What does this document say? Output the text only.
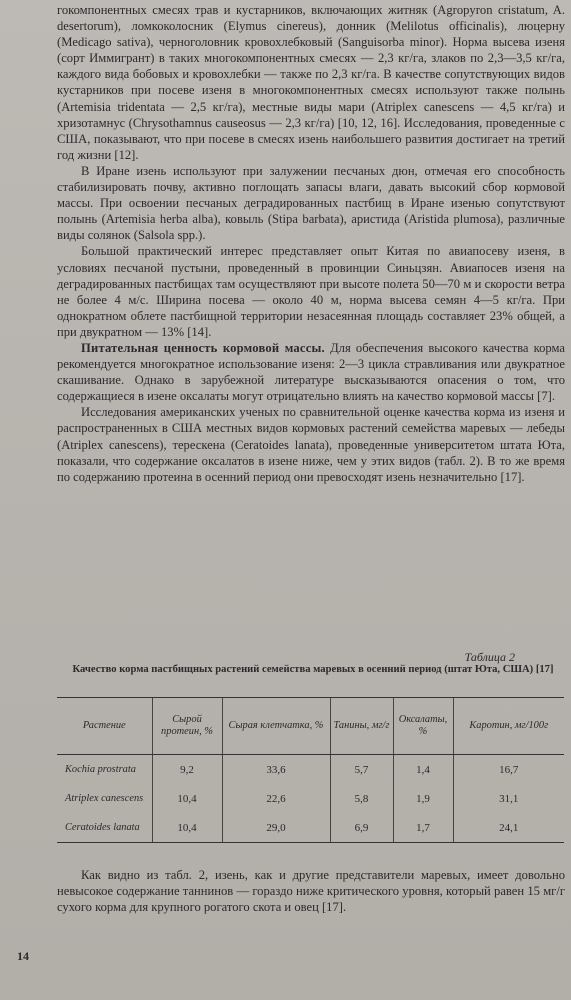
гокомпонентных смесях трав и кустарников, включающих житняк (Agropyron cristatum, A. desertorum), ломкоколосник (Elymus cinereus), донник (Melilotus officinalis), люцерну (Medicago sativa), черноголовник кровохлебковый (Sanguisorba minor). Норма высева изеня (сорт Иммигрант) в таких многокомпонентных смесях — 2,3 кг/га, злаков по 2,3—3,5 кг/га, каждого вида бобовых и кровохлебки — также по 2,3 кг/га. В качестве сопутствующих видов кустарников при посеве изеня в многокомпонентных смесях используют также полынь (Artemisia tridentata — 2,5 кг/га), местные виды мари (Atriplex canescens — 4,5 кг/га) и хризотамнус (Chrysothamnus causeosus — 2,3 кг/га) [10, 12, 16]. Исследования, проведенные с США, показывают, что при посеве в смесях изень наибольшего развития достигает на третий год жизни [12].

В Иране изень используют при залужении песчаных дюн, отмечая его способность стабилизировать почву, активно поглощать запасы влаги, давать высокий сбор кормовой массы. При освоении песчаных деградированных пастбищ в Иране изенью сопутствуют полынь (Artemisia herba alba), ковыль (Stipa barbata), аристида (Aristida plumosa), различные виды солянок (Salsola spp.).

Большой практический интерес представляет опыт Китая по авиапосеву изеня, в условиях песчаной пустыни, проведенный в провинции Синьцзян. Авиапосев изеня на деградированных пастбищах там осуществляют при высоте полета 50—70 м и скорости ветра не более 4 м/с. Ширина посева — около 40 м, норма высева семян 4—5 кг/га. При однократном облете пастбищной территории незасеянная площадь составляет 23% общей, а при двукратном — 13% [14].

Питательная ценность кормовой массы. Для обеспечения высокого качества корма рекомендуется многократное использование изеня: 2—3 цикла стравливания или двукратное скашивание. Однако в зарубежной литературе высказываются опасения о том, что содержащиеся в изене оксалаты могут отрицательно влиять на качество кормовой массы [7].

Исследования американских ученых по сравнительной оценке качества корма из изеня и распространенных в США местных видов кормовых растений семейства маревых — лебеды (Atriplex canescens), терескена (Ceratoides lanata), проведенные университетом штата Юта, показали, что содержание оксалатов в изене ниже, чем у этих видов (табл. 2). В то же время по содержанию протеина в осенний период они превосходят изень незначительно [17].

Таблица 2
Качество корма пастбищных растений семейства маревых в осенний период (штат Юта, США) [17]
Растение	Сырой протеин, %	Сырая клетчатка, %	Танины, мг/г	Оксалаты, %	Каротин, мг/100г
Kochia prostrata	9,2	33,6	5,7	1,4	16,7
Atriplex canescens	10,4	22,6	5,8	1,9	31,1
Ceratoides lanata	10,4	29,0	6,9	1,7	24,1

Как видно из табл. 2, изень, как и другие представители маревых, имеет довольно невысокое содержание таннинов — гораздо ниже критического уровня, который равен 15 мг/г сухого корма для крупного рогатого скота и овец [17].

14
